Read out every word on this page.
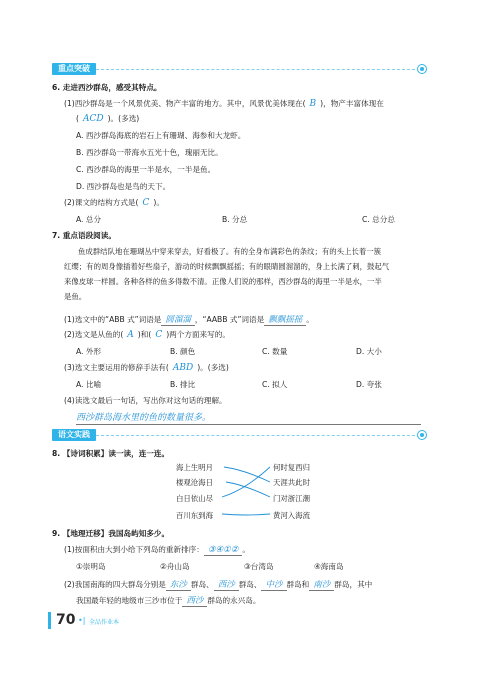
重点突破
6. 走进西沙群岛，感受其特点。
(1)西沙群岛是一个风景优美、物产丰富的地方。其中，风景优美体现在( B )，物产丰富体现在
( ACD )。(多选)
A. 西沙群岛海底的岩石上有珊瑚、海参和大龙虾。
B. 西沙群岛一带海水五光十色，瑰丽无比。
C. 西沙群岛的海里一半是水，一半是鱼。
D. 西沙群岛也是鸟的天下。
(2)课文的结构方式是( C )。
A. 总分	B. 分总	C. 总分总
7. 重点语段阅读。
鱼成群结队地在珊瑚丛中穿来穿去，好看极了。有的全身布满彩色的条纹；有的头上长着一簇
红缨；有的周身像插着好些扇子，游动的时候飘飘摇摇；有的眼睛圆溜溜的，身上长满了刺，鼓起气
来像皮球一样圆。各种各样的鱼多得数不清。正像人们说的那样，西沙群岛的海里一半是水，一半
是鱼。
(1)选文中的“ABB 式”词语是 圆溜溜 ，“AABB 式”词语是 飘飘摇摇 。
(2)选文是从鱼的( A )和( C )两个方面来写的。
A. 外形	B. 颜色	C. 数量	D. 大小
(3)选文主要运用的修辞手法有( ABD )。(多选)
A. 比喻	B. 排比	C. 拟人	D. 夸张
(4)读选文最后一句话，写出你对这句话的理解。
西沙群岛海水里的鱼的数量很多。
语文实践
8. 【诗词积累】读一读，连一连。
海上生明月
楼观沧海日
白日依山尽
百川东到海
何时复西归
天涯共此时
门对浙江潮
黄河入海流
9. 【地理迁移】我国岛屿知多少。
(1)按面积由大到小给下列岛的重新排序： ③④①② 。
①崇明岛	②舟山岛	③台湾岛	④海南岛
(2)我国南海的四大群岛分别是 东沙 群岛、 西沙 群岛、 中沙 群岛和 南沙 群岛，其中
我国最年轻的地级市三沙市位于 西沙 群岛的永兴岛。
70 •| 全品作业本
